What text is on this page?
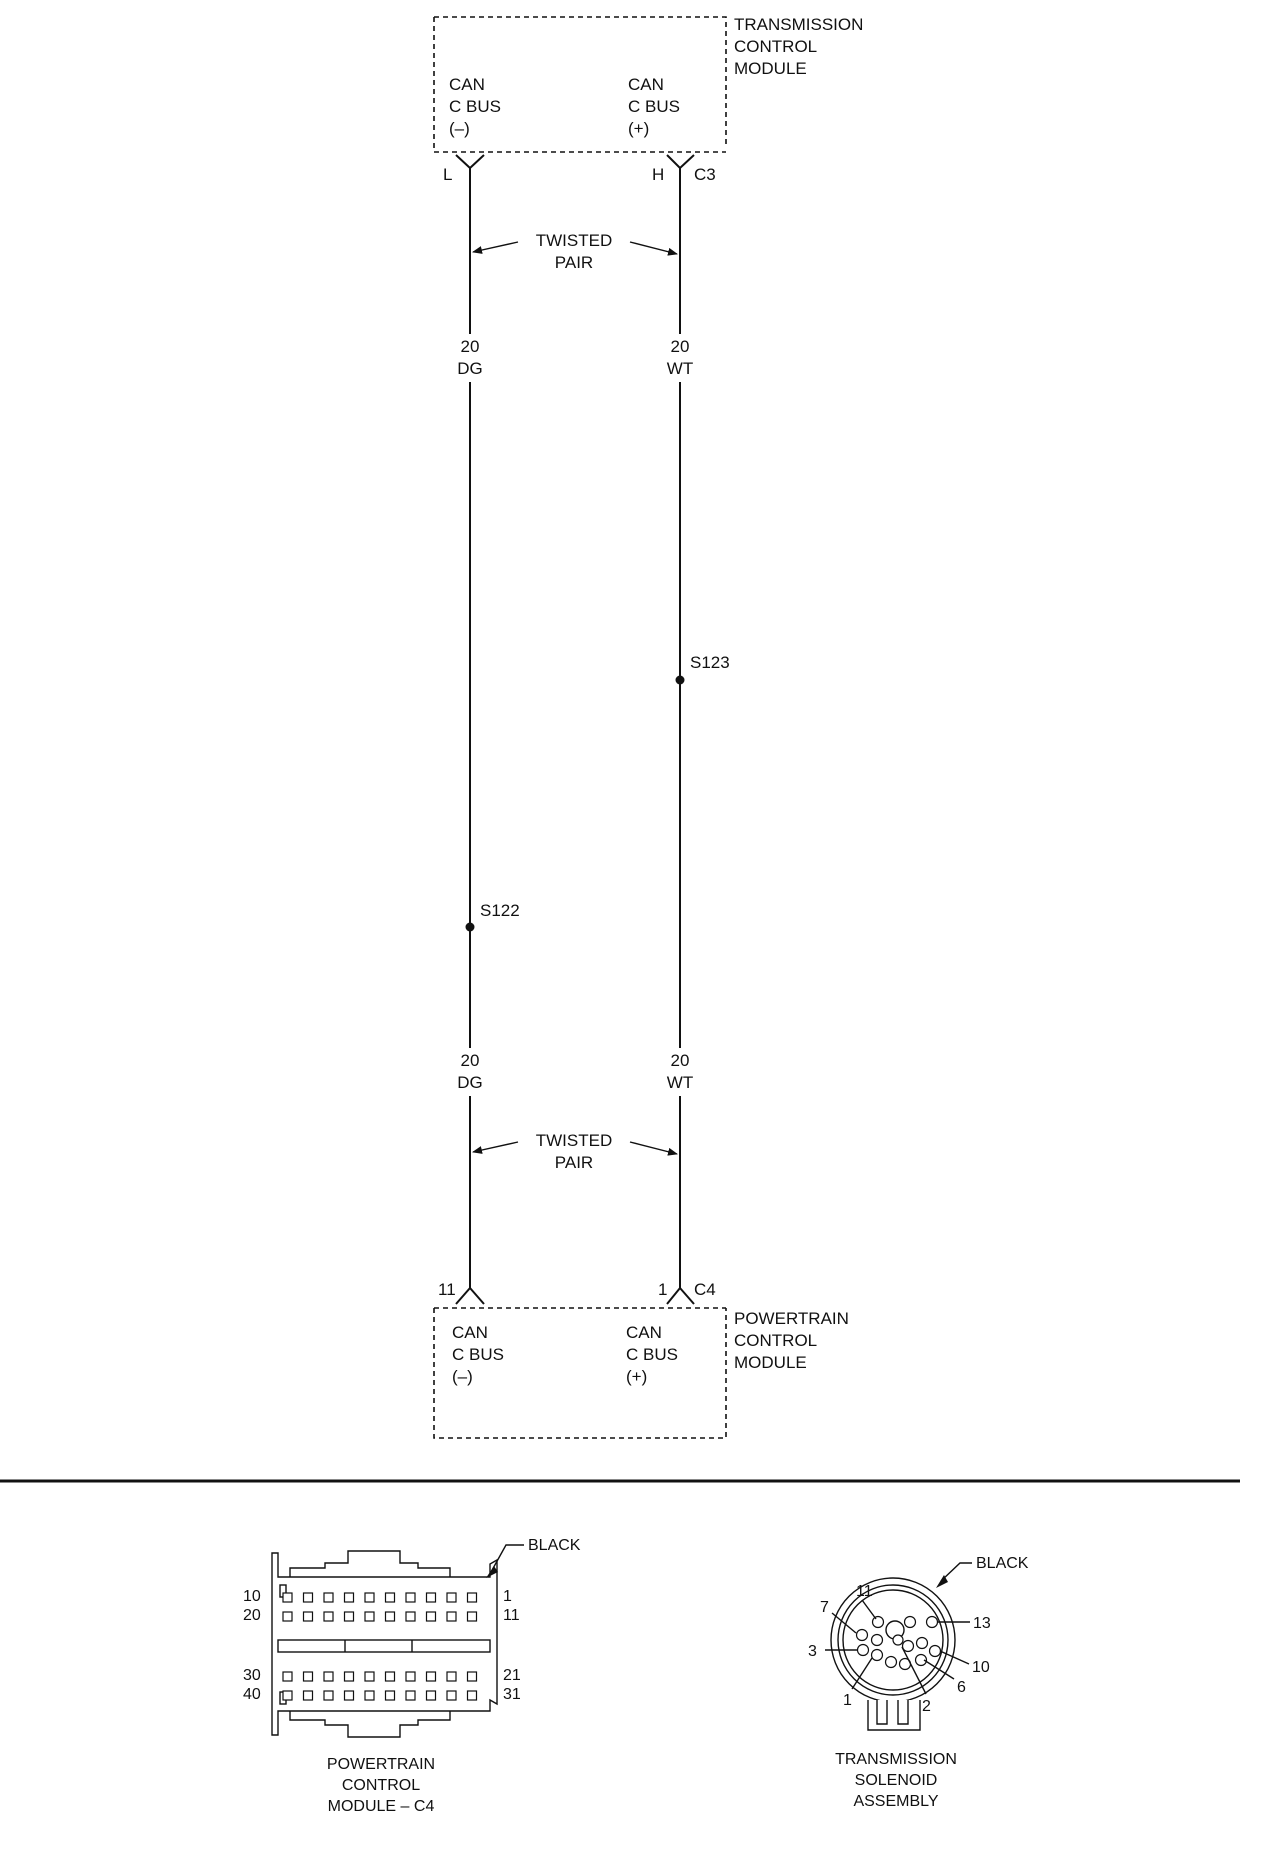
TRANSMISSION
CONTROL
MODULE
CAN
C BUS
(–)
CAN
C BUS
(+)
L	H C3
20
DG
20
WT
20
DG
20
WT
S123
S122
TWISTED
PAIR
TWISTED
PAIR
11	1 C4
CAN
C BUS
(–)
CAN
C BUS
(+)
POWERTRAIN
CONTROL
MODULE
10
20
30
40
1
11
21
31
BLACK
POWERTRAIN
CONTROL
MODULE – C4
11
7
3
1	2
6
10
13
BLACK
TRANSMISSION
SOLENOID
ASSEMBLY
